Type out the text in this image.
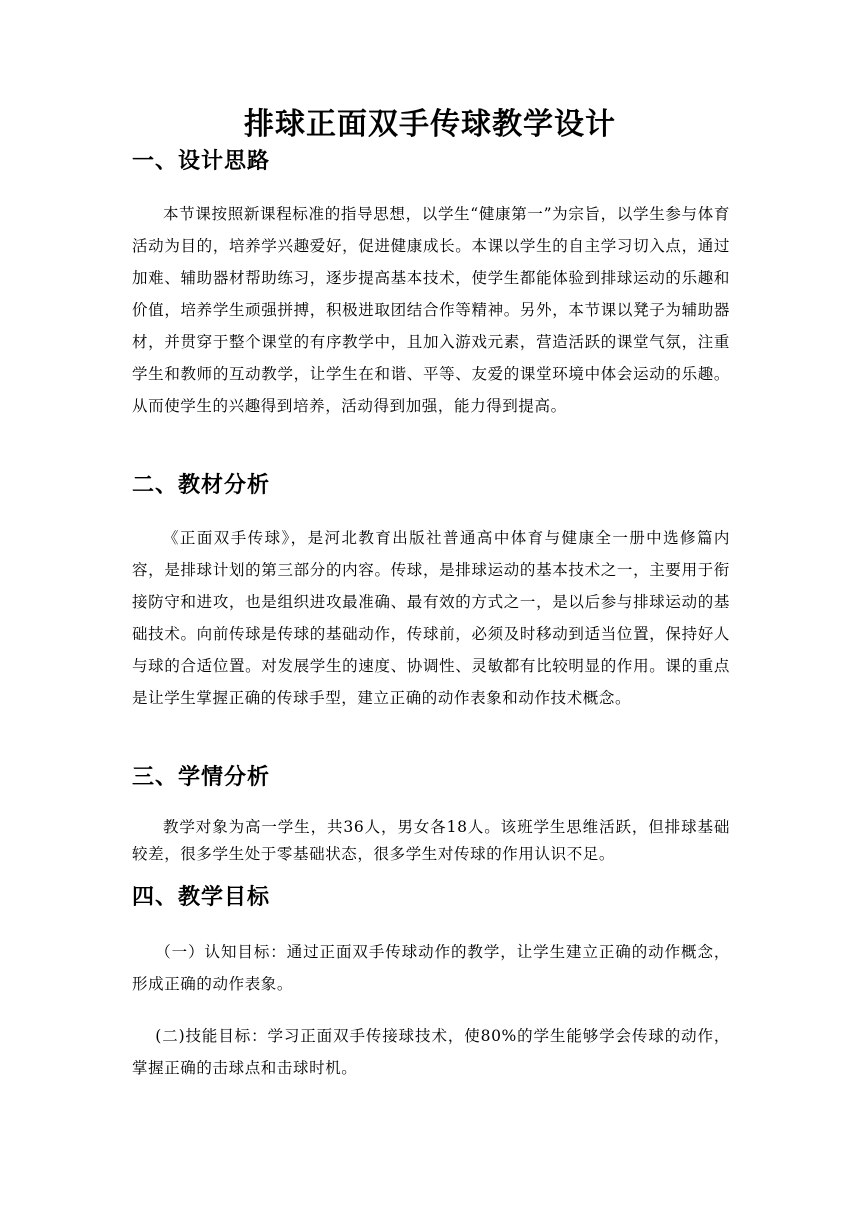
排球正面双手传球教学设计
一、设计思路
本节课按照新课程标准的指导思想，以学生“健康第一”为宗旨，以学生参与体育活动为目的，培养学兴趣爱好，促进健康成长。本课以学生的自主学习切入点，通过加难、辅助器材帮助练习，逐步提高基本技术，使学生都能体验到排球运动的乐趣和价值，培养学生顽强拼搏，积极进取团结合作等精神。另外，本节课以凳子为辅助器材，并贯穿于整个课堂的有序教学中，且加入游戏元素，营造活跃的课堂气氛，注重学生和教师的互动教学，让学生在和谐、平等、友爱的课堂环境中体会运动的乐趣。从而使学生的兴趣得到培养，活动得到加强，能力得到提高。
二、教材分析
《正面双手传球》，是河北教育出版社普通高中体育与健康全一册中选修篇内容，是排球计划的第三部分的内容。传球，是排球运动的基本技术之一，主要用于衔接防守和进攻，也是组织进攻最准确、最有效的方式之一，是以后参与排球运动的基础技术。向前传球是传球的基础动作，传球前，必须及时移动到适当位置，保持好人与球的合适位置。对发展学生的速度、协调性、灵敏都有比较明显的作用。课的重点是让学生掌握正确的传球手型，建立正确的动作表象和动作技术概念。
三、学情分析
教学对象为高一学生，共36人，男女各18人。该班学生思维活跃，但排球基础较差，很多学生处于零基础状态，很多学生对传球的作用认识不足。
四、教学目标
（一）认知目标：通过正面双手传球动作的教学，让学生建立正确的动作概念，形成正确的动作表象。
(二)技能目标：学习正面双手传接球技术，使80%的学生能够学会传球的动作，掌握正确的击球点和击球时机。
